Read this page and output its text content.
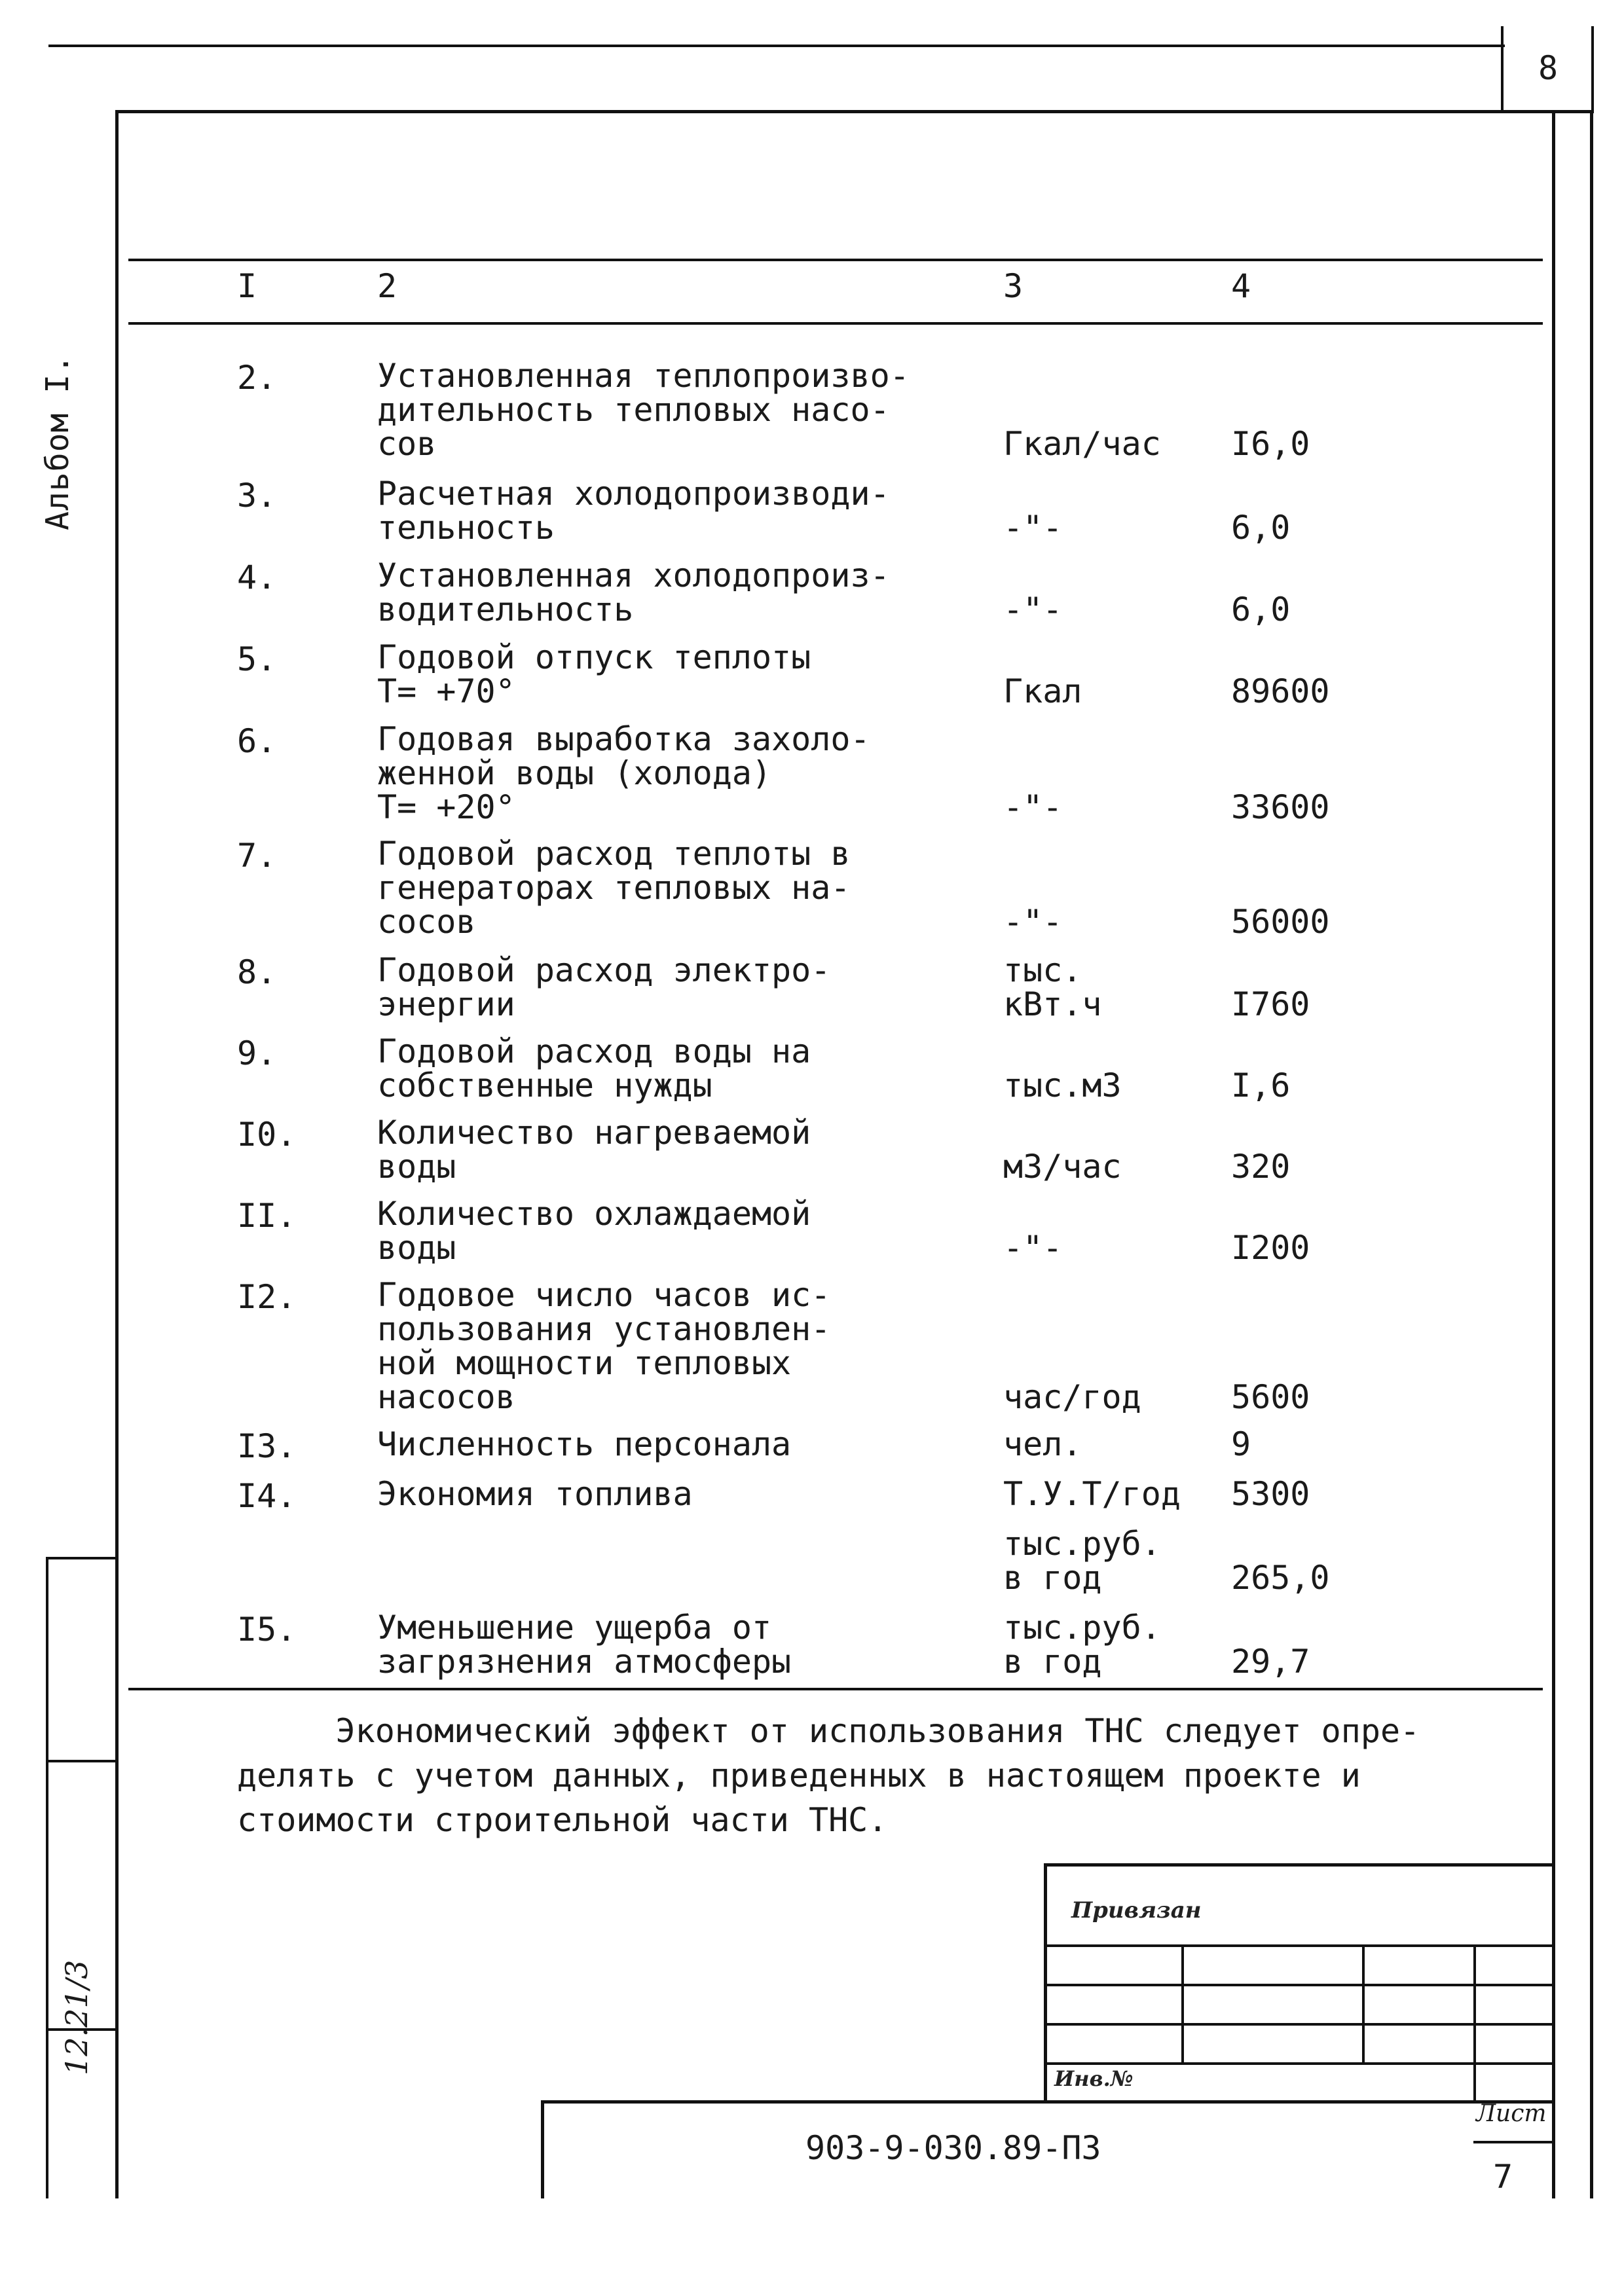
8
Альбом I.
I	2	3	4
2.	Установленная теплопроизво-
дительность тепловых насо-
сов	Гкал/час I6,0
3.	Расчетная холодопроизводи-
тельность	-"-	6,0
4.	Установленная холодопроиз-
водительность	-"-	6,0
5.	Годовой отпуск теплоты
Т= +70°	Гкал	89600
6.	Годовая выработка захоло-
женной воды (холода)
Т= +20°	-"-	33600
7.	Годовой расход теплоты в
генераторах тепловых на-
сосов	-"-	56000
8.	Годовой расход электро-
энергии
тыс.
кВт.ч	I760
9.	Годовой расход воды на
собственные нужды	тыс.м3	I,6
I0. Количество нагреваемой
воды	м3/час	320
II. Количество охлаждаемой
воды	-"-	I200
I2. Годовое число часов ис-
пользования установлен-
ной мощности тепловых
насосов	час/год	5600
I3. Численность персонала	чел.	9
I4. Экономия топлива	Т.У.Т/год 5300
тыс.руб.
в год	265,0
I5. Уменьшение ущерба от
загрязнения атмосферы
тыс.руб.
в год	29,7

Экономический эффект от использования ТНС следует опре-

делять с учетом данных, приведенных в настоящем проекте и

стоимости строительной части ТНС.

12.21/3
Привязан
Инв.№
903-9-030.89-ПЗ
Лист
7
